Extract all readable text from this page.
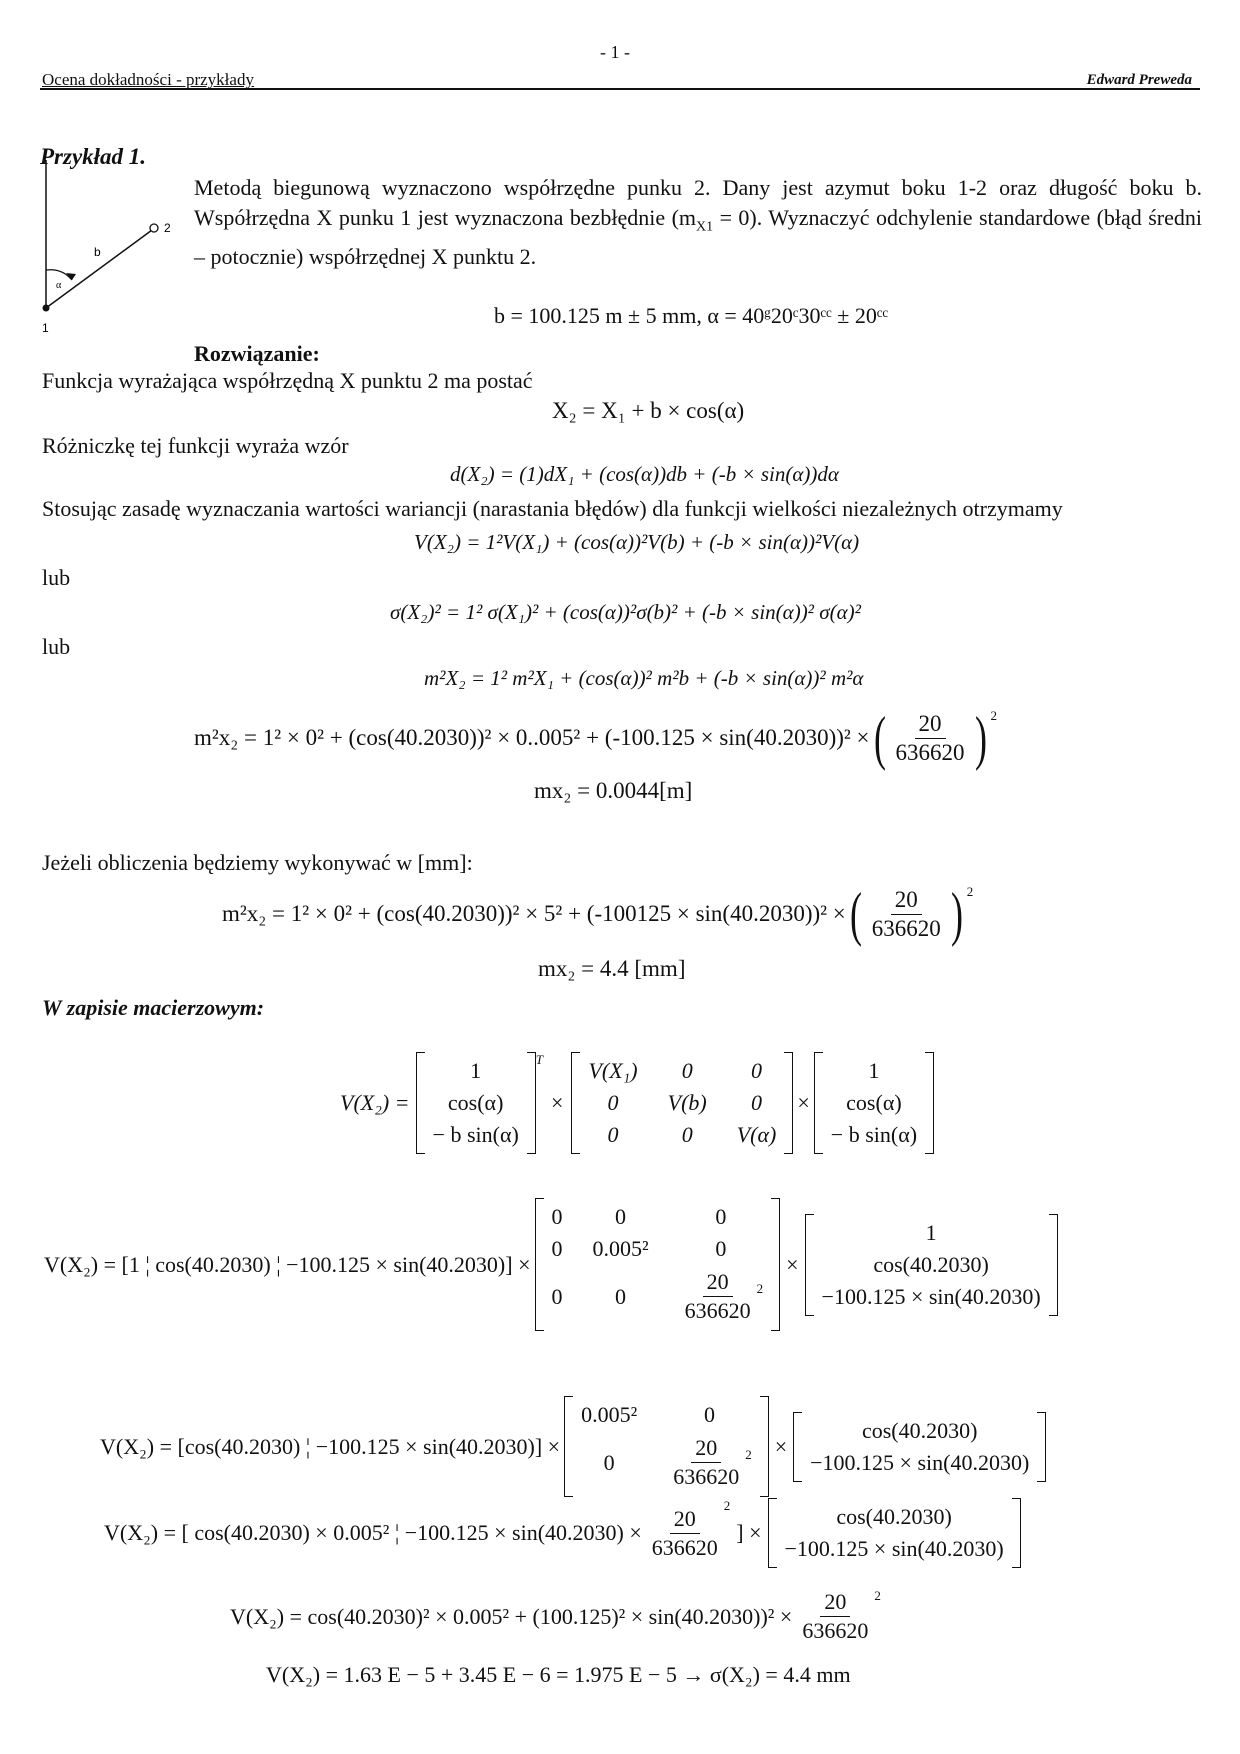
- 1 -
Ocena dokładności - przykłady	Edward Preweda
Przykład 1.
2
b
α
1
Metodą biegunową wyznaczono współrzędne punku 2. Dany jest azymut boku 1-2 oraz długość boku b. Współrzędna X punku 1 jest wyznaczona bezbłędnie $(m_{X1} = 0)$. Wyznaczyć odchylenie standardowe (błąd średni – potocznie) współrzędnej X punktu 2.
b = 100.125 m ± 5 mm, α = 40ᵍ20ᶜ30ᶜᶜ ± 20ᶜᶜ
Rozwiązanie:
Funkcja wyrażająca współrzędną X punktu 2 ma postać
X₂ = X₁ + b × cos(α)
Różniczkę tej funkcji wyraża wzór
d(X₂) = (1)dX₁ + (cos(α))db + (-b × sin(α))dα
Stosując zasadę wyznaczania wartości wariancji (narastania błędów) dla funkcji wielkości niezależnych otrzymamy
V(X₂) = 1²V(X₁) + (cos(α))²V(b) + (-b × sin(α))²V(α)
lub
σ(X₂)² = 1² σ(X₁)² + (cos(α))²σ(b)² + (-b × sin(α))² σ(α)²
lub
m²X₂ = 1² m²X₁ + (cos(α))² m²b + (-b × sin(α))² m²α
m²x₂ = 1² × 0² + (cos(40.2030))² × 0..005² + (-100.125 × sin(40.2030))² × ( $\frac{20}{636620}$ ) $^2$
mx₂ = 0.0044[m]
Jeżeli obliczenia będziemy wykonywać w [mm]:
m²x₂ = 1² × 0² + (cos(40.2030))² × 5² + (-100125 × sin(40.2030))² × ( $\frac{20}{636620}$ ) $^2$
mx₂ = 4.4 [mm]
W zapisie macierzowym:
V(X₂) =
1
cos(α)
− b sin(α)

$^T$
×
V(X₁)	0	0
0	V(b)	0
0	0	V(α)

×
1
cos(α)
− b sin(α)

V(X₂) = [1 ¦ cos(40.2030) ¦ −100.125 × sin(40.2030)] ×
0	0	0
0	0.005²	0
0	0	$\frac{20}{636620} ^2$

×
1
cos(40.2030)
−100.125 × sin(40.2030)

V(X₂) = [cos(40.2030) ¦ −100.125 × sin(40.2030)] ×
0.005²	0
0	$\frac{20}{636620} ^2$ ×
cos(40.2030)
−100.125 × sin(40.2030)

V(X₂) = [ cos(40.2030) × 0.005² ¦ $-100.125 \times \sin(40.2030) \times \frac{20}{636620}^2$
] ×
cos(40.2030)
−100.125 × sin(40.2030)

$V(X_2) = \cos(40.2030)^2 \times 0.005^2 + (100.125)^2 \times \sin(40.2030))^2 \times \frac{20}{636620}^2$
V(X₂) = 1.63 E − 5 + 3.45 E − 6 = 1.975 E − 5 → σ(X₂) = 4.4 mm
